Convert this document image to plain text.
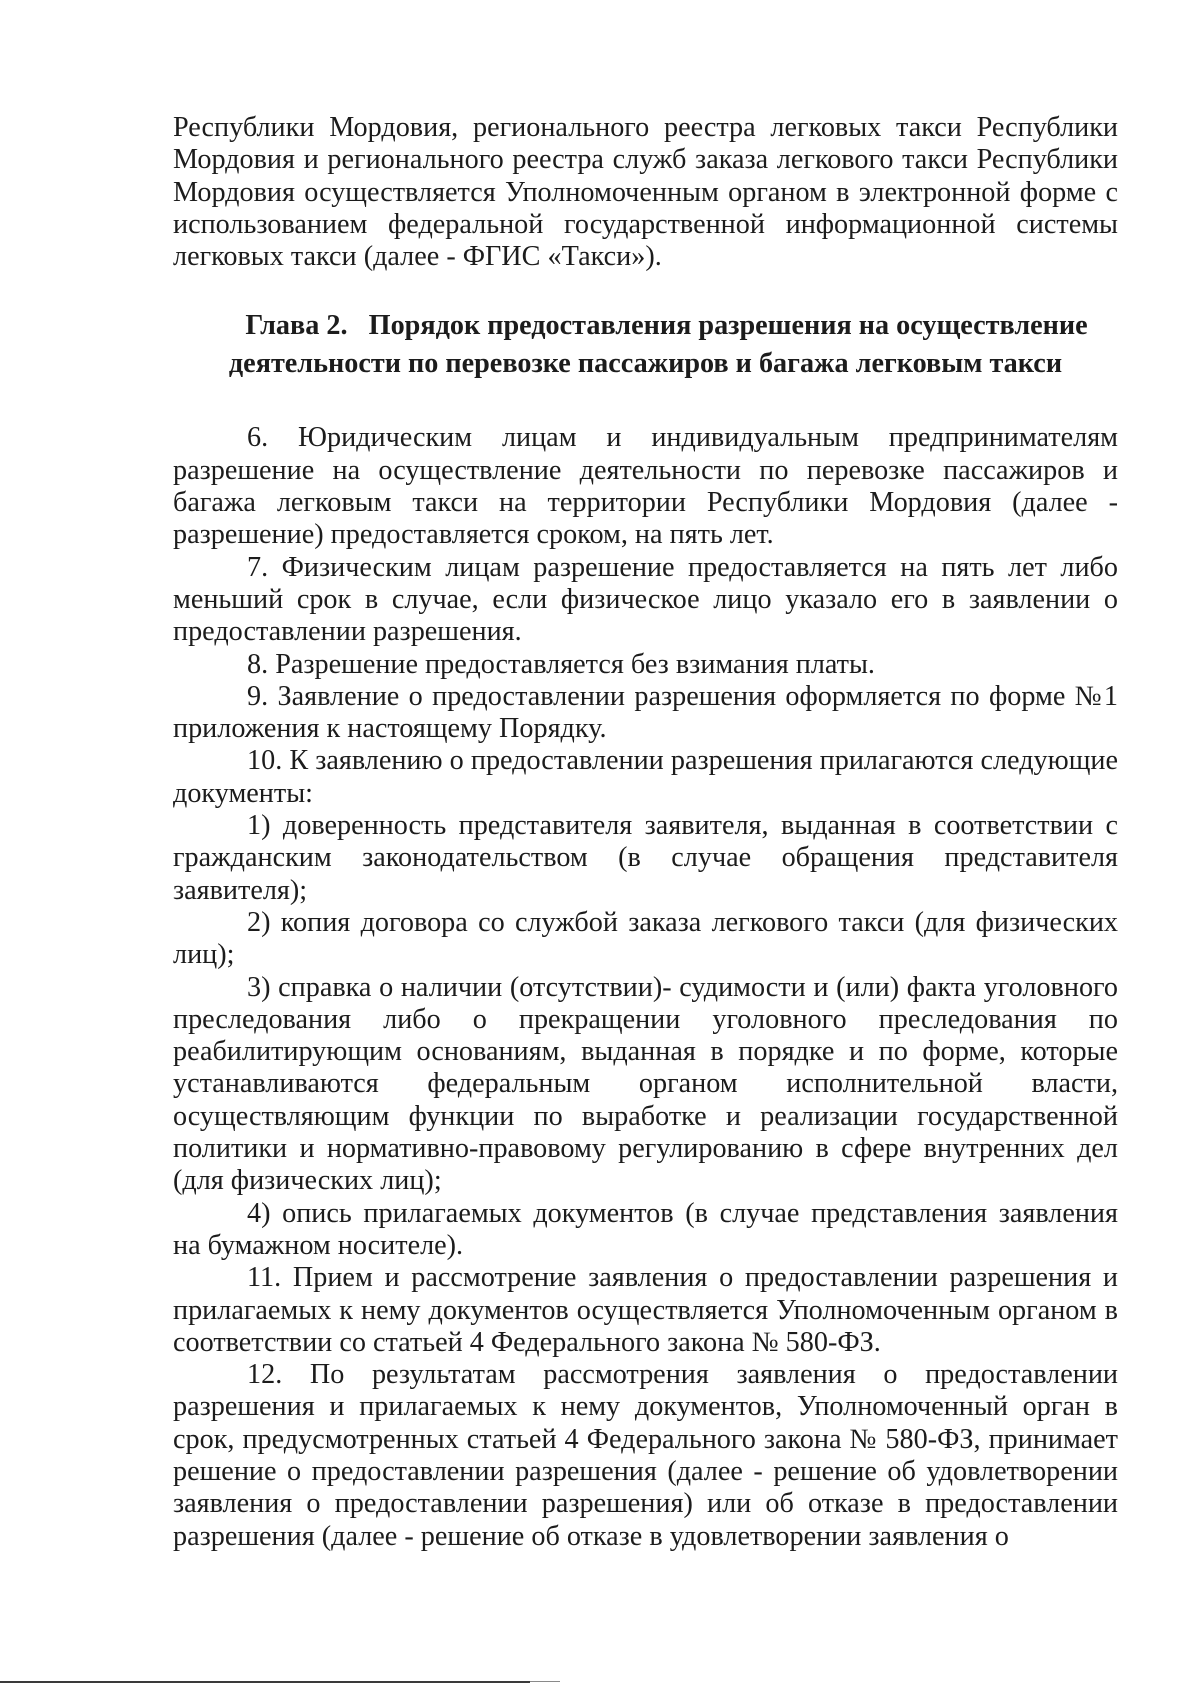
Республики Мордовия, регионального реестра легковых такси Республики Мордовия и регионального реестра служб заказа легкового такси Республики Мордовия осуществляется Уполномоченным органом в электронной форме с использованием федеральной государственной информационной системы легковых такси (далее - ФГИС «Такси»).

Глава 2.   Порядок предоставления разрешения на осуществление
деятельности по перевозке пассажиров и багажа легковым такси

6. Юридическим лицам и индивидуальным предпринимателям разрешение на осуществление деятельности по перевозке пассажиров и багажа легковым такси на территории Республики Мордовия (далее - разрешение) предоставляется сроком, на пять лет.

7. Физическим лицам разрешение предоставляется на пять лет либо меньший срок в случае, если физическое лицо указало его в заявлении о предоставлении разрешения.

8. Разрешение предоставляется без взимания платы.

9. Заявление о предоставлении разрешения оформляется по форме №1 приложения к настоящему Порядку.

10. К заявлению о предоставлении разрешения прилагаются следующие документы:

1) доверенность представителя заявителя, выданная в соответствии с гражданским законодательством (в случае обращения представителя заявителя);

2) копия договора со службой заказа легкового такси (для физических лиц);

3) справка о наличии (отсутствии)- судимости и (или) факта уголовного преследования либо о прекращении уголовного преследования по реабилитирующим основаниям, выданная в порядке и по форме, которые устанавливаются федеральным органом исполнительной власти, осуществляющим функции по выработке и реализации государственной политики и нормативно-правовому регулированию в сфере внутренних дел (для физических лиц);

4) опись прилагаемых документов (в случае представления заявления на бумажном носителе).

11. Прием и рассмотрение заявления о предоставлении разрешения и прилагаемых к нему документов осуществляется Уполномоченным органом в соответствии со статьей 4 Федерального закона № 580-ФЗ.

12. По результатам рассмотрения заявления о предоставлении разрешения и прилагаемых к нему документов, Уполномоченный орган в срок, предусмотренных статьей 4 Федерального закона № 580-ФЗ, принимает решение о предоставлении разрешения (далее - решение об удовлетворении заявления о предоставлении разрешения) или об отказе в предоставлении разрешения (далее - решение об отказе в удовлетворении заявления о
